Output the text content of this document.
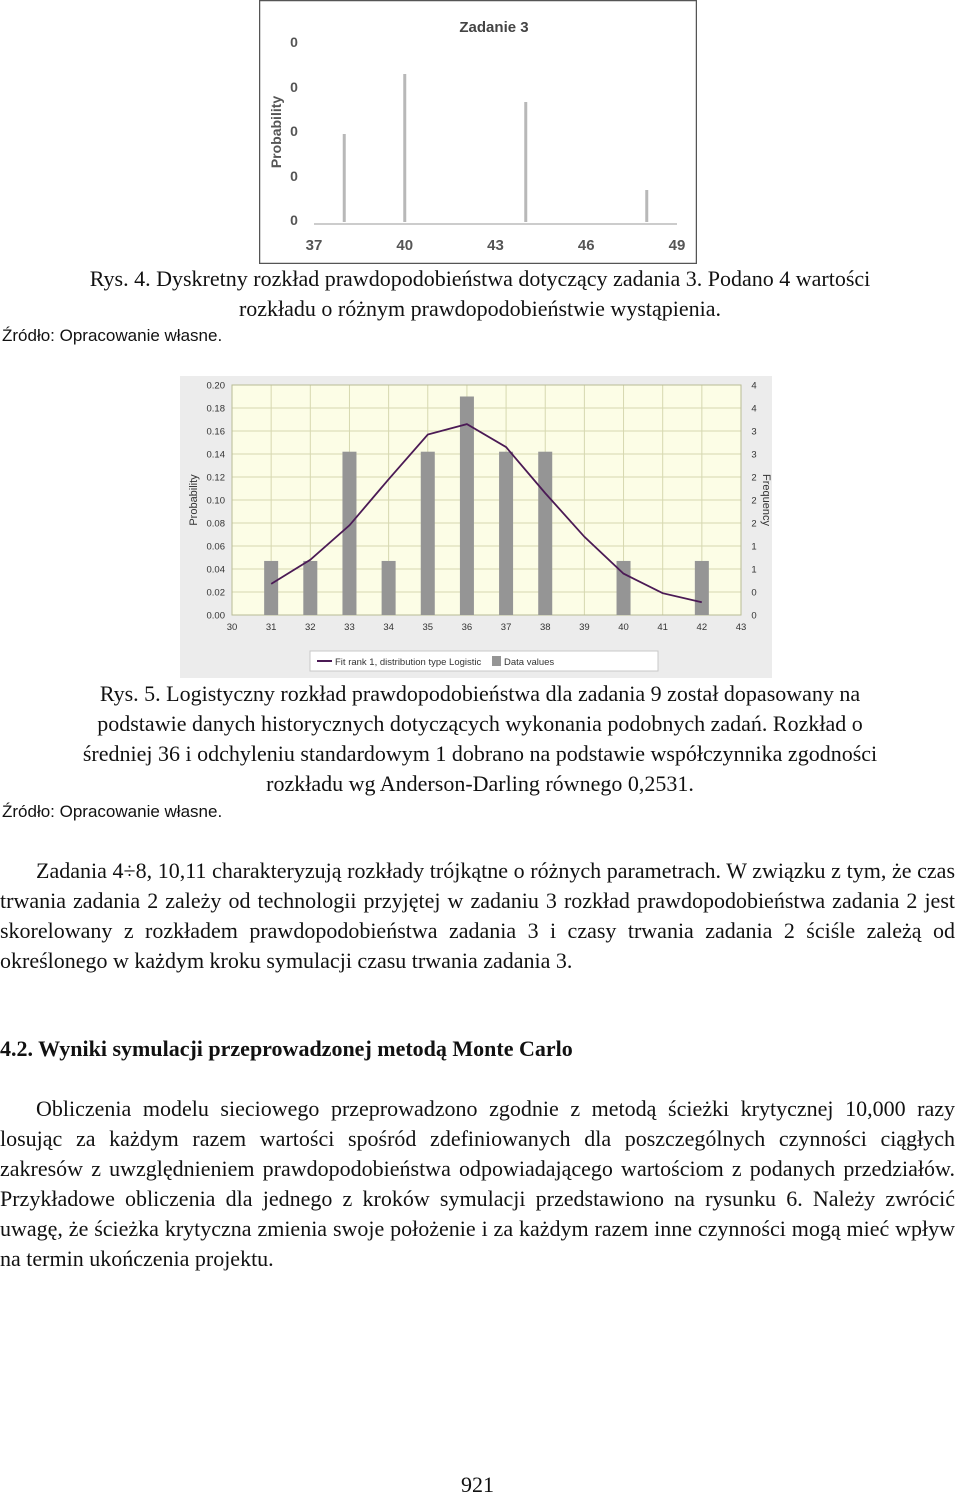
Zadanie 3
Probability
0
0
0
0
0
37	40	43	46	49
Rys. 4. Dyskretny rozkład prawdopodobieństwa dotyczący zadania 3. Podano 4 wartości
rozkładu o różnym prawdopodobieństwie wystąpienia.
Źródło: Opracowanie własne.
0.00
0.02
0.04
0.06
0.08
0.10
0.12
0.14
0.16
0.18
0.20
0
0
1
1
2
2
2
3
3
4
4
30	31	32	33	34	35	36	37	38	39	40	41	42	43
Probability	Frequency
Fit rank 1, distribution type Logistic Data values
Rys. 5. Logistyczny rozkład prawdopodobieństwa dla zadania 9 został dopasowany na
podstawie danych historycznych dotyczących wykonania podobnych zadań. Rozkład o
średniej 36 i odchyleniu standardowym 1 dobrano na podstawie współczynnika zgodności
rozkładu wg Anderson-Darling równego 0,2531.
Źródło: Opracowanie własne.
Zadania 4÷8, 10,11 charakteryzują rozkłady trójkątne o różnych parametrach. W związku z tym, że czas trwania zadania 2 zależy od technologii przyjętej w zadaniu 3 rozkład prawdopodobieństwa zadania 2 jest skorelowany z rozkładem prawdopodobieństwa zadania 3 i czasy trwania zadania 2 ściśle zależą od określonego w każdym kroku symulacji czasu trwania zadania 3.
4.2. Wyniki symulacji przeprowadzonej metodą Monte Carlo
Obliczenia modelu sieciowego przeprowadzono zgodnie z metodą ścieżki krytycznej 10,000 razy losując za każdym razem wartości spośród zdefiniowanych dla poszczególnych czynności ciągłych zakresów z uwzględnieniem prawdopodobieństwa odpowiadającego wartościom z podanych przedziałów. Przykładowe obliczenia dla jednego z kroków symulacji przedstawiono na rysunku 6. Należy zwrócić uwagę, że ścieżka krytyczna zmienia swoje położenie i za każdym razem inne czynności mogą mieć wpływ na termin ukończenia projektu.
921
